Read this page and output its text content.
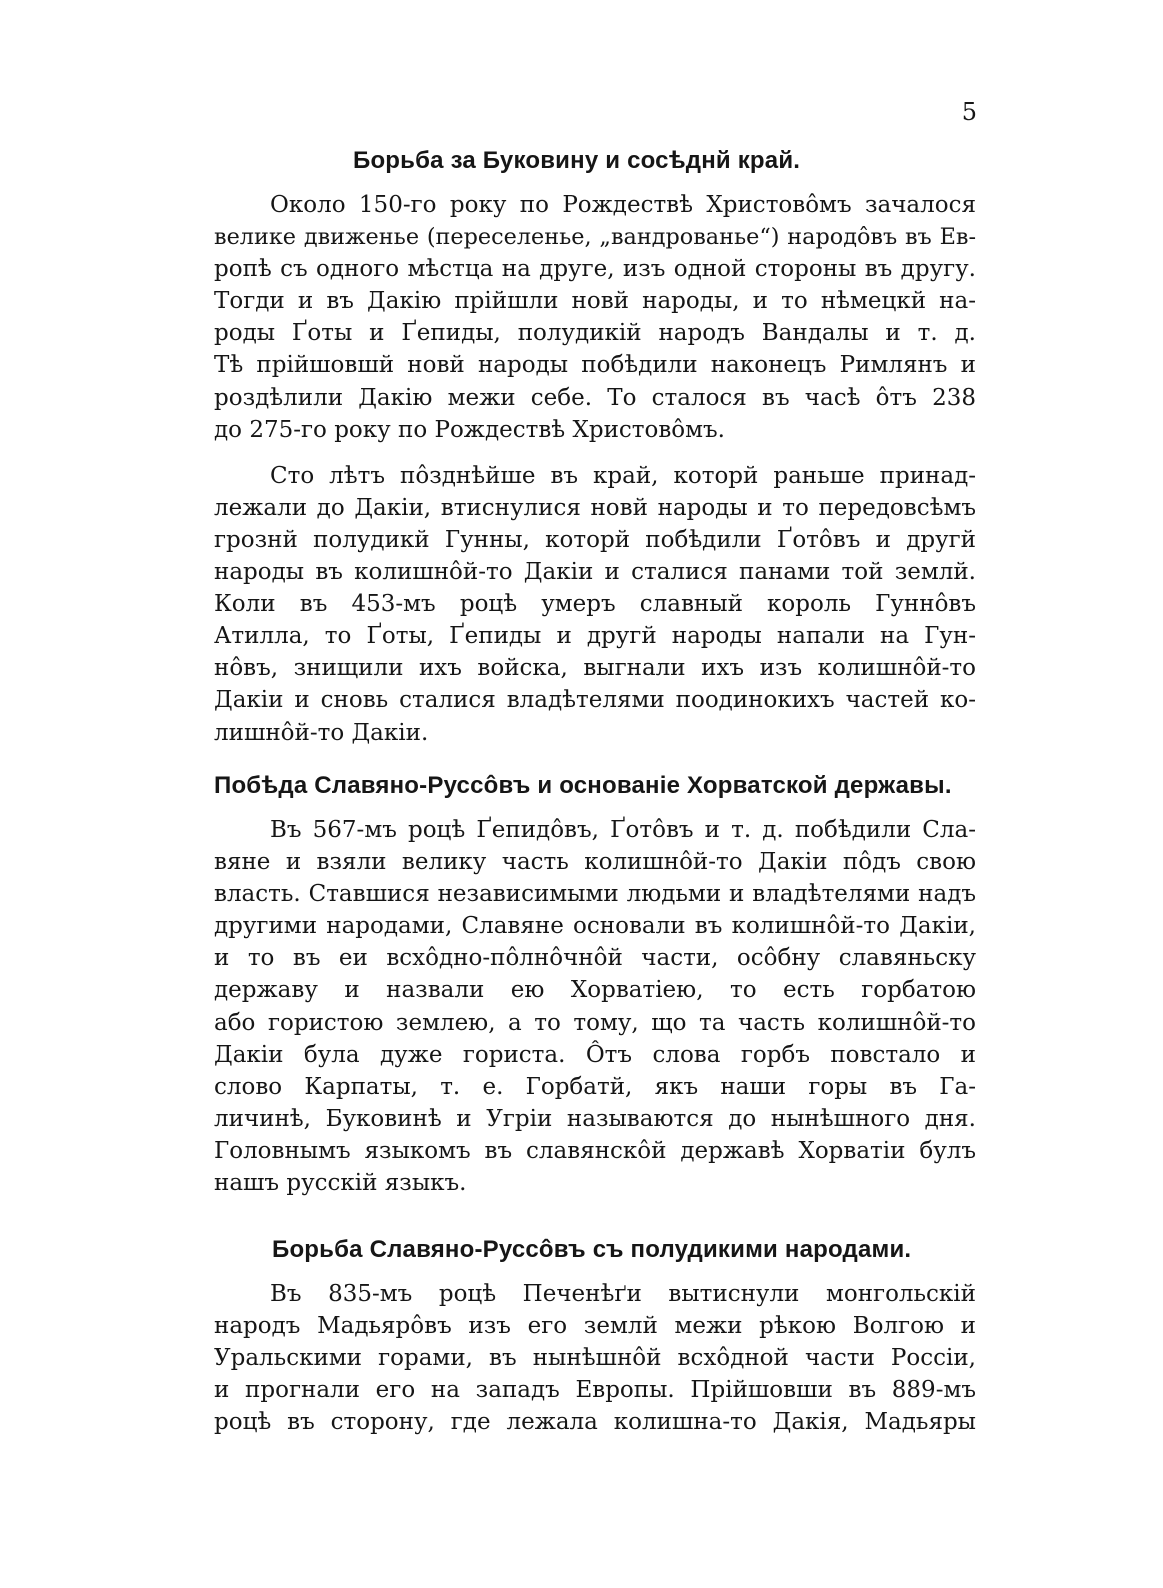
5
Борьба за Буковину и сосѣднй край.
Около 150-го року по Рождествѣ Христовôмъ зачалося
велике движенье (переселенье, „вандрованье“) народôвъ въ Ев-
ропѣ съ одного мѣстца на друге, изъ одной стороны въ другу.
Тогди и въ Дакію прійшли новй народы, и то нѣмецкй на-
роды Ґоты и Ґепиды, полудикій народъ Вандалы и т. д.
Тѣ прійшовшй новй народы побѣдили наконецъ Римлянъ и
роздѣлили Дакію межи себе. То сталося въ часѣ ôтъ 238
до 275-го року по Рождествѣ Христовôмъ.
Сто лѣтъ пôзднѣйше въ край, которй раньше принад-
лежали до Дакіи, втиснулися новй народы и то передовсѣмъ
грознй полудикй Гунны, которй побѣдили Ґотôвъ и другй
народы въ колишнôй-то Дакіи и сталися панами той землй.
Коли въ 453-мъ роцѣ умеръ славный король Гуннôвъ
Атилла, то Ґоты, Ґепиды и другй народы напали на Гун-
нôвъ, знищили ихъ войска, выгнали ихъ изъ колишнôй-то
Дакіи и сновь сталися владѣтелями поодинокихъ частей ко-
лишнôй-то Дакіи.
Побѣда Славяно-Руссôвъ и основаніе Хорватской державы.
Въ 567-мъ роцѣ Ґепидôвъ, Ґотôвъ и т. д. побѣдили Сла-
вяне и взяли велику часть колишнôй-то Дакіи пôдъ свою
власть. Ставшися независимыми людьми и владѣтелями надъ
другими народами, Славяне основали въ колишнôй-то Дакіи,
и то въ еи всхôдно-пôлнôчнôй части, осôбну славяньску
державу и назвали ею Хорватіею, то есть горбатою
або гористою землею, а то тому, що та часть колишнôй-то
Дакіи була дуже гориста. Ôтъ слова горбъ повстало и
слово Карпаты, т. е. Горбатй, якъ наши горы въ Га-
личинѣ, Буковинѣ и Угріи называются до нынѣшного дня.
Головнымъ языкомъ въ славянскôй державѣ Хорватіи булъ
нашъ русскій языкъ.
Борьба Славяно-Руссôвъ съ полудикими народами.
Въ 835-мъ роцѣ Печенѣґи вытиснули монгольскій
народъ Мадьярôвъ изъ его землй межи рѣкою Волгою и
Уральскими горами, въ нынѣшнôй всхôдной части Россіи,
и прогнали его на западъ Европы. Прійшовши въ 889-мъ
роцѣ въ сторону, где лежала колишна-то Дакія, Мадьяры
